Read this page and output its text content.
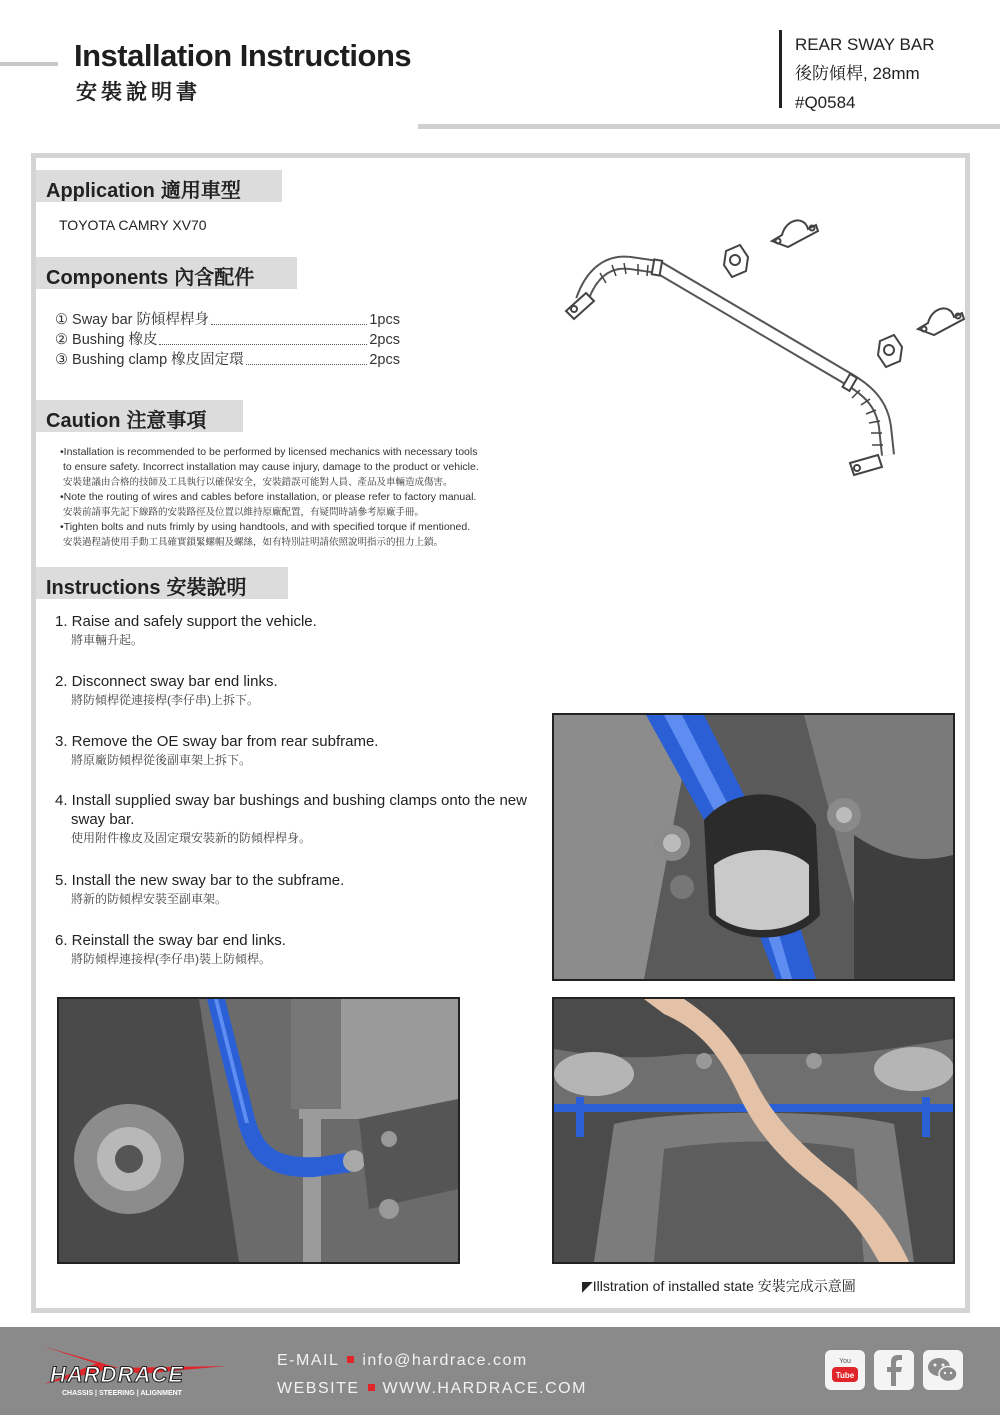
Installation Instructions
安裝說明書
REAR SWAY BAR
後防傾桿, 28mm
#Q0584
Application 適用車型
TOYOTA CAMRY XV70
Components 內含配件
① Sway bar 防傾桿桿身	1pcs
② Bushing 橡皮	2pcs
③ Bushing clamp 橡皮固定環	2pcs
Caution 注意事項

•Installation is recommended to be performed by licensed mechanics with necessary tools

to ensure safety. Incorrect installation may cause injury, damage to the product or vehicle.

安裝建議由合格的技師及工具執行以確保安全，安裝錯誤可能對人員、產品及車輛造成傷害。

•Note the routing of wires and cables before installation, or please refer to factory manual.

安裝前請事先記下線路的安裝路徑及位置以維持原廠配置，有疑問時請參考原廠手冊。

•Tighten bolts and nuts frimly by using handtools, and with specified torque if mentioned.

安裝過程請使用手動工具確實鎖緊螺帽及螺絲，如有特別註明請依照說明指示的扭力上鎖。

Instructions 安裝說明
1. Raise and safely support the vehicle.
將車輛升起。
2. Disconnect sway bar end links.
將防傾桿從連接桿(李仔串)上拆下。
3. Remove the OE sway bar from rear subframe.
將原廠防傾桿從後副車架上拆下。
4. Install supplied sway bar bushings and bushing clamps onto the new sway bar.
使用附件橡皮及固定環安裝新的防傾桿桿身。
5. Install the new sway bar to the subframe.
將新的防傾桿安裝至副車架。
6. Reinstall the sway bar end links.
將防傾桿連接桿(李仔串)裝上防傾桿。
◤Illstration of installed state 安裝完成示意圖
HARDRACE
CHASSIS | STEERING | ALIGNMENT
E-MAIL info@hardrace.com
WEBSITE WWW.HARDRACE.COM
You
Tube
